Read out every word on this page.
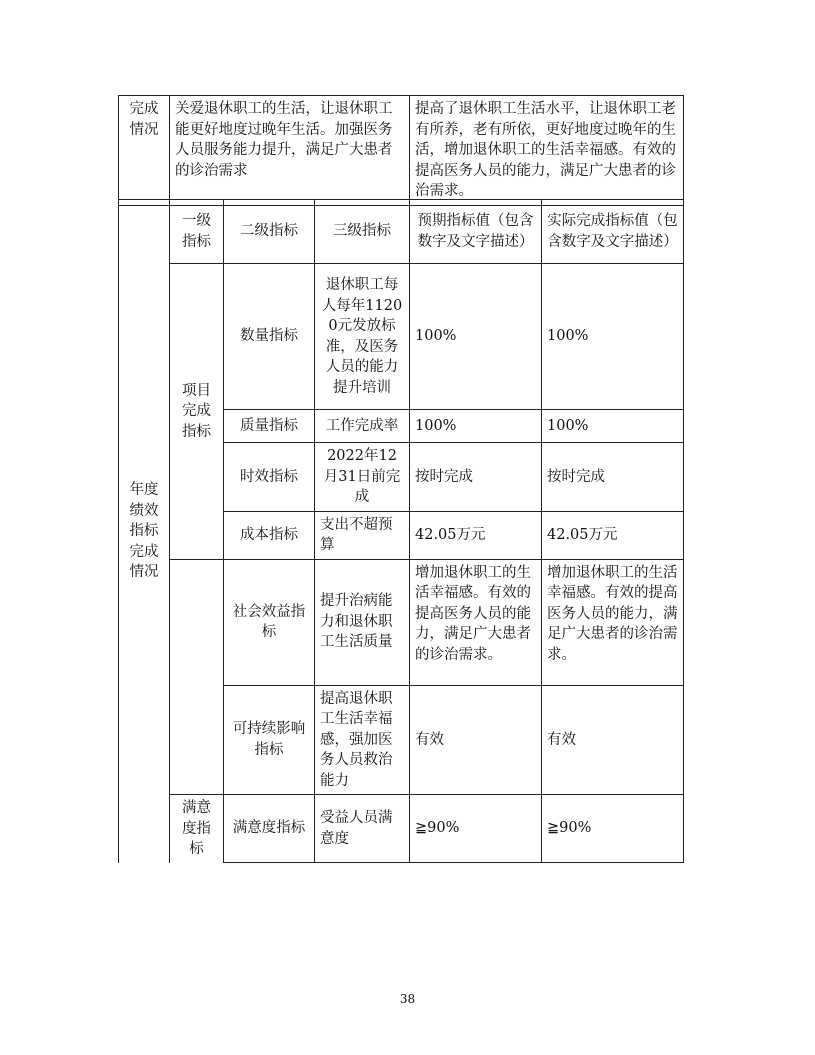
完成情况	关爱退休职工的生活，让退休职工能更好地度过晚年生活。加强医务人员服务能力提升，满足广大患者的诊治需求	提高了退休职工生活水平，让退休职工老有所养，老有所依，更好地度过晚年的生活，增加退休职工的生活幸福感。有效的提高医务人员的能力，满足广大患者的诊治需求。
年度绩效指标完成情况	一级指标	二级指标	三级指标	预期指标值（包含数字及文字描述）	实际完成指标值（包含数字及文字描述）
	项目完成指标	数量指标	退休职工每人每年11200元发放标准，及医务人员的能力提升培训	100%	100%
		质量指标	工作完成率	100%	100%
		时效指标	2022年12月31日前完成	按时完成	按时完成
		成本指标	支出不超预算	42.05万元	42.05万元
		社会效益指标	提升治病能力和退休职工生活质量	增加退休职工的生活幸福感。有效的提高医务人员的能力，满足广大患者的诊治需求。	增加退休职工的生活幸福感。有效的提高医务人员的能力，满足广大患者的诊治需求。
		可持续影响指标	提高退休职工生活幸福感，强加医务人员救治能力	有效	有效
	满意度指标	满意度指标	受益人员满意度	≧90%	≧90%
38
